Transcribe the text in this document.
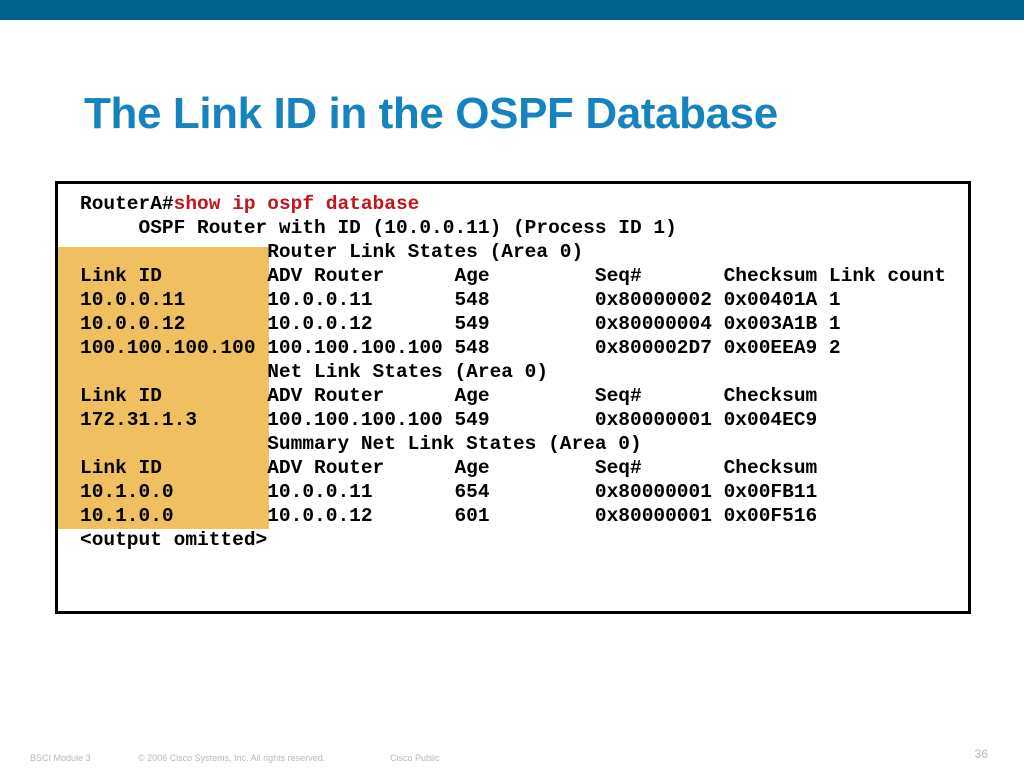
The Link ID in the OSPF Database
RouterA#show ip ospf database
OSPF Router with ID (10.0.0.11) (Process ID 1)
Router Link States (Area 0)
Link ID         ADV Router      Age         Seq#       Checksum Link count
10.0.0.11       10.0.0.11       548         0x80000002 0x00401A 1
10.0.0.12       10.0.0.12       549         0x80000004 0x003A1B 1
100.100.100.100 100.100.100.100 548         0x800002D7 0x00EEA9 2
Net Link States (Area 0)
Link ID         ADV Router      Age         Seq#       Checksum
172.31.1.3      100.100.100.100 549         0x80000001 0x004EC9
Summary Net Link States (Area 0)
Link ID         ADV Router      Age         Seq#       Checksum
10.1.0.0        10.0.0.11       654         0x80000001 0x00FB11
10.1.0.0        10.0.0.12       601         0x80000001 0x00F516
<output omitted>
BSCI Module 3	© 2006 Cisco Systems, Inc. All rights reserved.	Cisco Public	36
